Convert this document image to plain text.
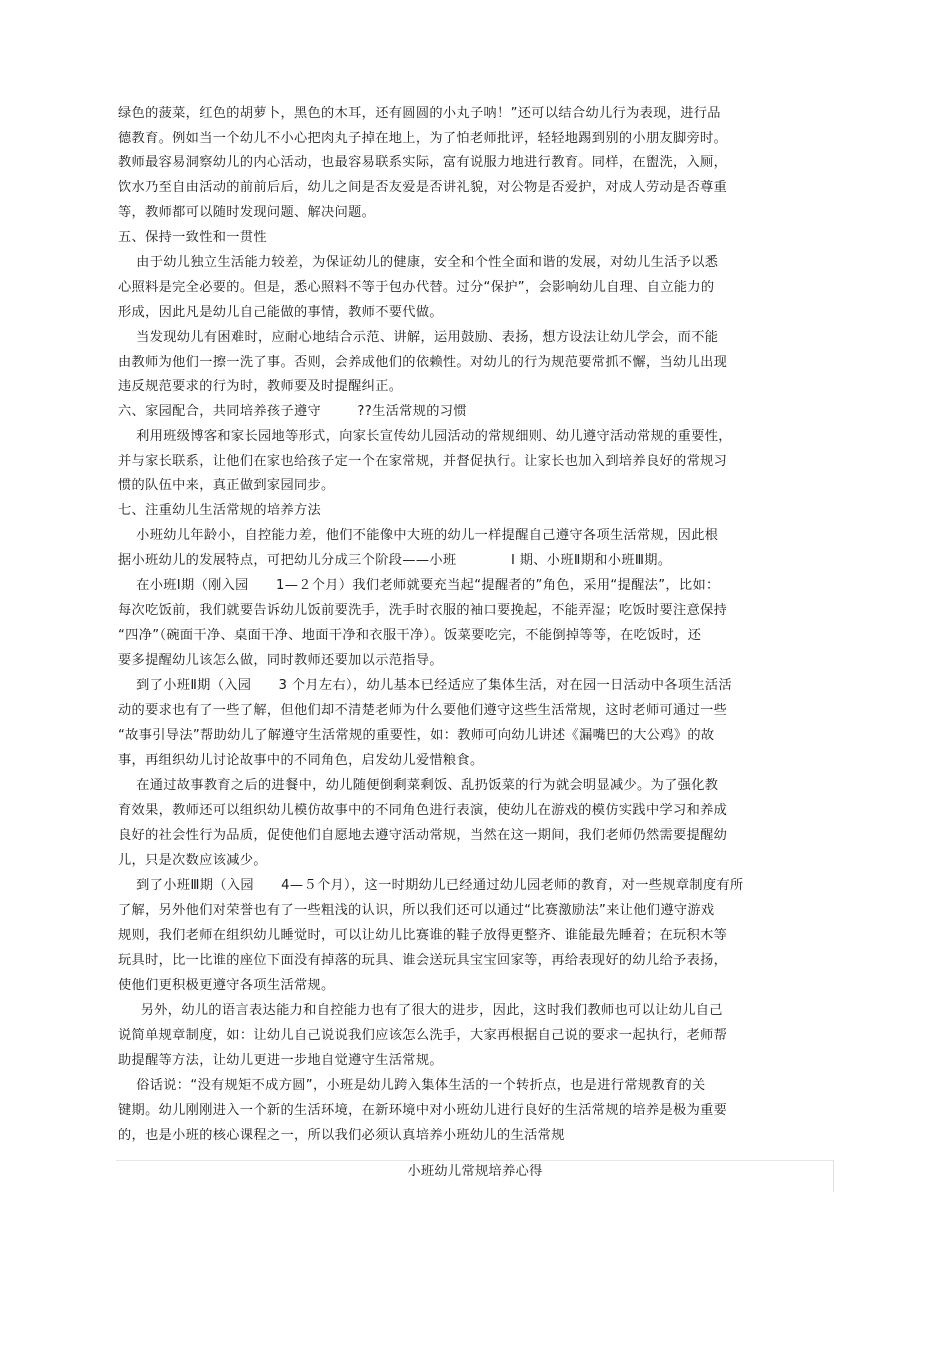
绿色的菠菜，红色的胡萝卜，黑色的木耳，还有圆圆的小丸子呐！”还可以结合幼儿行为表现，进行品
德教育。例如当一个幼儿不小心把肉丸子掉在地上，为了怕老师批评，轻轻地踢到别的小朋友脚旁时。
教师最容易洞察幼儿的内心活动，也最容易联系实际，富有说服力地进行教育。同样，在盥洗，入厕，
饮水乃至自由活动的前前后后，幼儿之间是否友爱是否讲礼貌，对公物是否爱护，对成人劳动是否尊重
等，教师都可以随时发现问题、解决问题。
五、保持一致性和一贯性
由于幼儿独立生活能力较差，为保证幼儿的健康，安全和个性全面和谐的发展，对幼儿生活予以悉
心照料是完全必要的。但是，悉心照料不等于包办代替。过分“保护”，会影响幼儿自理、自立能力的
形成，因此凡是幼儿自己能做的事情，教师不要代做。
当发现幼儿有困难时，应耐心地结合示范、讲解，运用鼓励、表扬，想方设法让幼儿学会，而不能
由教师为他们一擦一洗了事。否则，会养成他们的依赖性。对幼儿的行为规范要常抓不懈，当幼儿出现
违反规范要求的行为时，教师要及时提醒纠正。
六、家园配合，共同培养孩子遵守        ??生活常规的习惯
利用班级博客和家长园地等形式，向家长宣传幼儿园活动的常规细则、幼儿遵守活动常规的重要性，
并与家长联系，让他们在家也给孩子定一个在家常规，并督促执行。让家长也加入到培养良好的常规习
惯的队伍中来，真正做到家园同步。
七、注重幼儿生活常规的培养方法
小班幼儿年龄小，自控能力差，他们不能像中大班的幼儿一样提醒自己遵守各项生活常规，因此根
据小班幼儿的发展特点，可把幼儿分成三个阶段——小班            Ⅰ 期、小班Ⅱ期和小班Ⅲ期。
在小班Ⅰ期（刚入园      1—２个月）我们老师就要充当起“提醒者的”角色，采用“提醒法”，比如：
每次吃饭前，我们就要告诉幼儿饭前要洗手，洗手时衣服的袖口要挽起，不能弄湿；吃饭时要注意保持
“四净”（碗面干净、桌面干净、地面干净和衣服干净）。饭菜要吃完，不能倒掉等等，在吃饭时，还
要多提醒幼儿该怎么做，同时教师还要加以示范指导。
到了小班Ⅱ期（入园      3 个月左右），幼儿基本已经适应了集体生活，对在园一日活动中各项生活活
动的要求也有了一些了解，但他们却不清楚老师为什么要他们遵守这些生活常规，这时老师可通过一些
“故事引导法”帮助幼儿了解遵守生活常规的重要性，如：教师可向幼儿讲述《漏嘴巴的大公鸡》的故
事，再组织幼儿讨论故事中的不同角色，启发幼儿爱惜粮食。
在通过故事教育之后的进餐中，幼儿随便倒剩菜剩饭、乱扔饭菜的行为就会明显减少。为了强化教
育效果，教师还可以组织幼儿模仿故事中的不同角色进行表演，使幼儿在游戏的模仿实践中学习和养成
良好的社会性行为品质，促使他们自愿地去遵守活动常规，当然在这一期间，我们老师仍然需要提醒幼
儿，只是次数应该减少。
到了小班Ⅲ期（入园      4—５个月），这一时期幼儿已经通过幼儿园老师的教育，对一些规章制度有所
了解，另外他们对荣誉也有了一些粗浅的认识，所以我们还可以通过“比赛激励法”来让他们遵守游戏
规则，我们老师在组织幼儿睡觉时，可以让幼儿比赛谁的鞋子放得更整齐、谁能最先睡着；在玩积木等
玩具时，比一比谁的座位下面没有掉落的玩具、谁会送玩具宝宝回家等，再给表现好的幼儿给予表扬，
使他们更积极更遵守各项生活常规。
另外，幼儿的语言表达能力和自控能力也有了很大的进步，因此，这时我们教师也可以让幼儿自己
说简单规章制度，如：让幼儿自己说说我们应该怎么洗手，大家再根据自己说的要求一起执行，老师帮
助提醒等方法，让幼儿更进一步地自觉遵守生活常规。
俗话说：“没有规矩不成方圆”，小班是幼儿跨入集体生活的一个转折点，也是进行常规教育的关
键期。幼儿刚刚进入一个新的生活环境，在新环境中对小班幼儿进行良好的生活常规的培养是极为重要
的，也是小班的核心课程之一，所以我们必须认真培养小班幼儿的生活常规
小班幼儿常规培养心得
